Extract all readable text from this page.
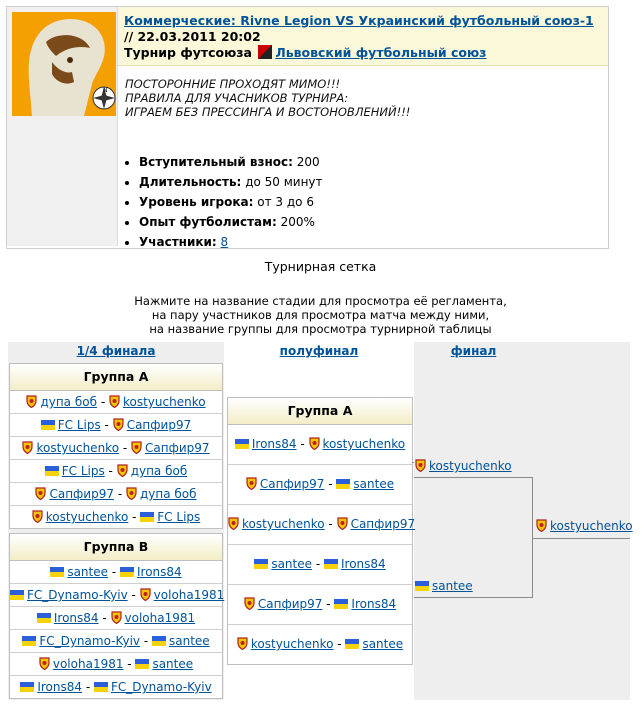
N
Коммерческие: Rivne Legion VS Украинский футбольный союз-1 // 22.03.2011 20:02
Турнир футсоюза Львовский футбольный союз
ПОСТОРОННИЕ ПРОХОДЯТ МИМО!!!
ПРАВИЛА ДЛЯ УЧАСНИКОВ ТУРНИРА:
ИГРАЕМ БЕЗ ПРЕССИНГА И ВОСТОНОВЛЕНИЙ!!!
• Вступительный взнос: 200
• Длительность: до 50 минут
• Уровень игрока: от 3 до 6
• Опыт футболистам: 200%
• Участники: 8
Турнирная сетка
Нажмите на название стадии для просмотра её регламента,
на пару участников для просмотра матча между ними,
на название группы для просмотра турнирной таблицы
1/4 финала	полуфинал	финал
Группа A
дупа боб - kostyuchenko
FC Lips - Сапфир97
kostyuchenko - Сапфир97
FC Lips - дупа боб
Сапфир97 - дупа боб
kostyuchenko - FC Lips
Группа B
santee - Irons84
FC_Dynamo-Kyiv - voloha1981
Irons84 - voloha1981
FC_Dynamo-Kyiv - santee
voloha1981 - santee
Irons84 - FC_Dynamo-Kyiv
Группа A
Irons84 - kostyuchenko
Сапфир97 - santee
kostyuchenko - Сапфир97
santee - Irons84
Сапфир97 - Irons84
kostyuchenko - santee
kostyuchenko
santee
kostyuchenko
